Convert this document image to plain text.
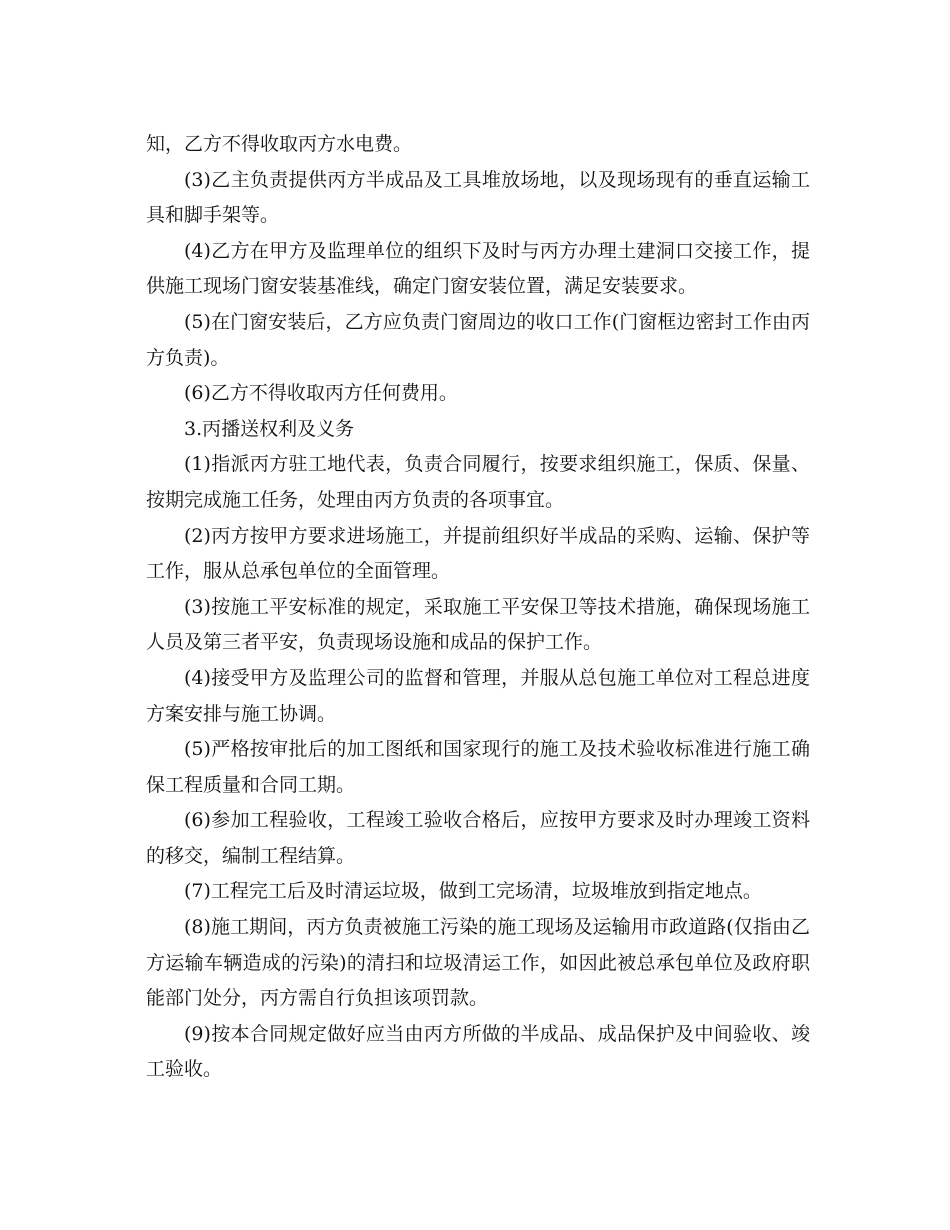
知，乙方不得收取丙方水电费。

(3)乙主负责提供丙方半成品及工具堆放场地，以及现场现有的垂直运输工具和脚手架等。

(4)乙方在甲方及监理单位的组织下及时与丙方办理土建洞口交接工作，提供施工现场门窗安装基准线，确定门窗安装位置，满足安装要求。

(5)在门窗安装后，乙方应负责门窗周边的收口工作(门窗框边密封工作由丙方负责)。

(6)乙方不得收取丙方任何费用。

3.丙播送权利及义务

(1)指派丙方驻工地代表，负责合同履行，按要求组织施工，保质、保量、按期完成施工任务，处理由丙方负责的各项事宜。

(2)丙方按甲方要求进场施工，并提前组织好半成品的采购、运输、保护等工作，服从总承包单位的全面管理。

(3)按施工平安标准的规定，采取施工平安保卫等技术措施，确保现场施工人员及第三者平安，负责现场设施和成品的保护工作。

(4)接受甲方及监理公司的监督和管理，并服从总包施工单位对工程总进度方案安排与施工协调。

(5)严格按审批后的加工图纸和国家现行的施工及技术验收标准进行施工确保工程质量和合同工期。

(6)参加工程验收，工程竣工验收合格后，应按甲方要求及时办理竣工资料的移交，编制工程结算。

(7)工程完工后及时清运垃圾，做到工完场清，垃圾堆放到指定地点。

(8)施工期间，丙方负责被施工污染的施工现场及运输用市政道路(仅指由乙方运输车辆造成的污染)的清扫和垃圾清运工作，如因此被总承包单位及政府职能部门处分，丙方需自行负担该项罚款。

(9)按本合同规定做好应当由丙方所做的半成品、成品保护及中间验收、竣工验收。
